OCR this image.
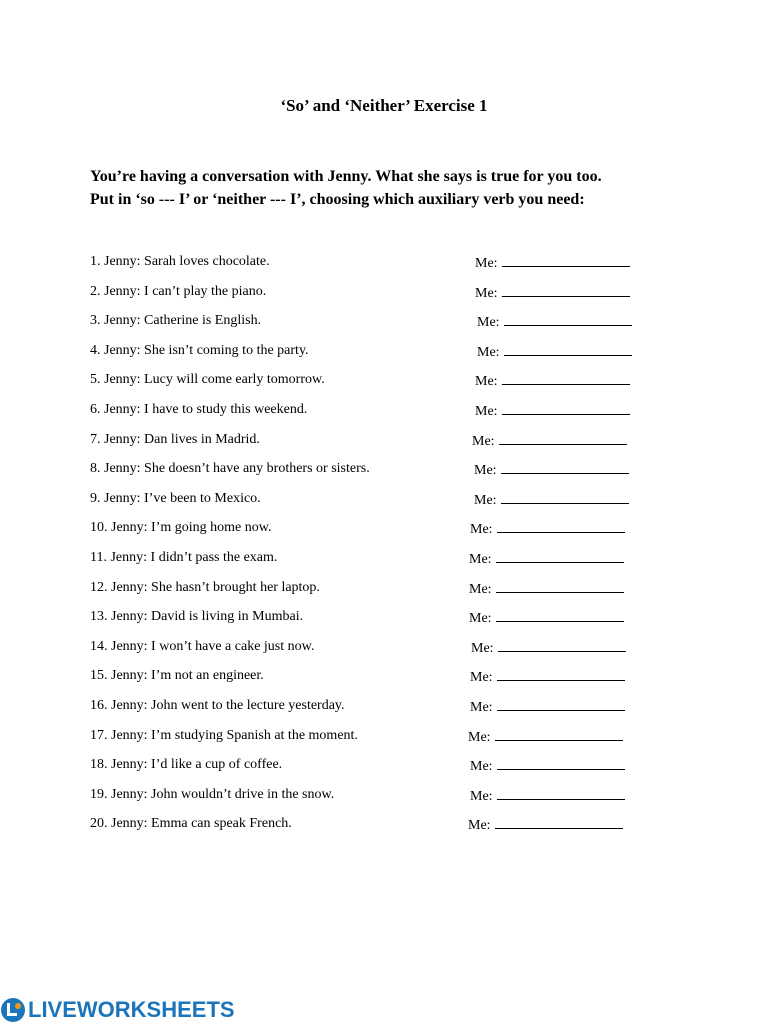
‘So’ and ‘Neither’ Exercise 1
You’re having a conversation with Jenny. What she says is true for you too.
Put in ‘so --- I’ or ‘neither --- I’, choosing which auxiliary verb you need:
1. Jenny: Sarah loves chocolate.	Me:
2. Jenny: I can’t play the piano.	Me:
3. Jenny: Catherine is English.	Me:
4. Jenny: She isn’t coming to the party.	Me:
5. Jenny: Lucy will come early tomorrow.	Me:
6. Jenny: I have to study this weekend.	Me:
7. Jenny: Dan lives in Madrid.	Me:
8. Jenny: She doesn’t have any brothers or sisters.	Me:
9. Jenny: I’ve been to Mexico.	Me:
10. Jenny: I’m going home now.	Me:
11. Jenny: I didn’t pass the exam.	Me:
12. Jenny: She hasn’t brought her laptop.	Me:
13. Jenny: David is living in Mumbai.	Me:
14. Jenny: I won’t have a cake just now.	Me:
15. Jenny: I’m not an engineer.	Me:
16. Jenny: John went to the lecture yesterday.	Me:
17. Jenny: I’m studying Spanish at the moment.	Me:
18. Jenny: I’d like a cup of coffee.	Me:
19. Jenny: John wouldn’t drive in the snow.	Me:
20. Jenny: Emma can speak French.	Me:
LIVEWORKSHEETS
